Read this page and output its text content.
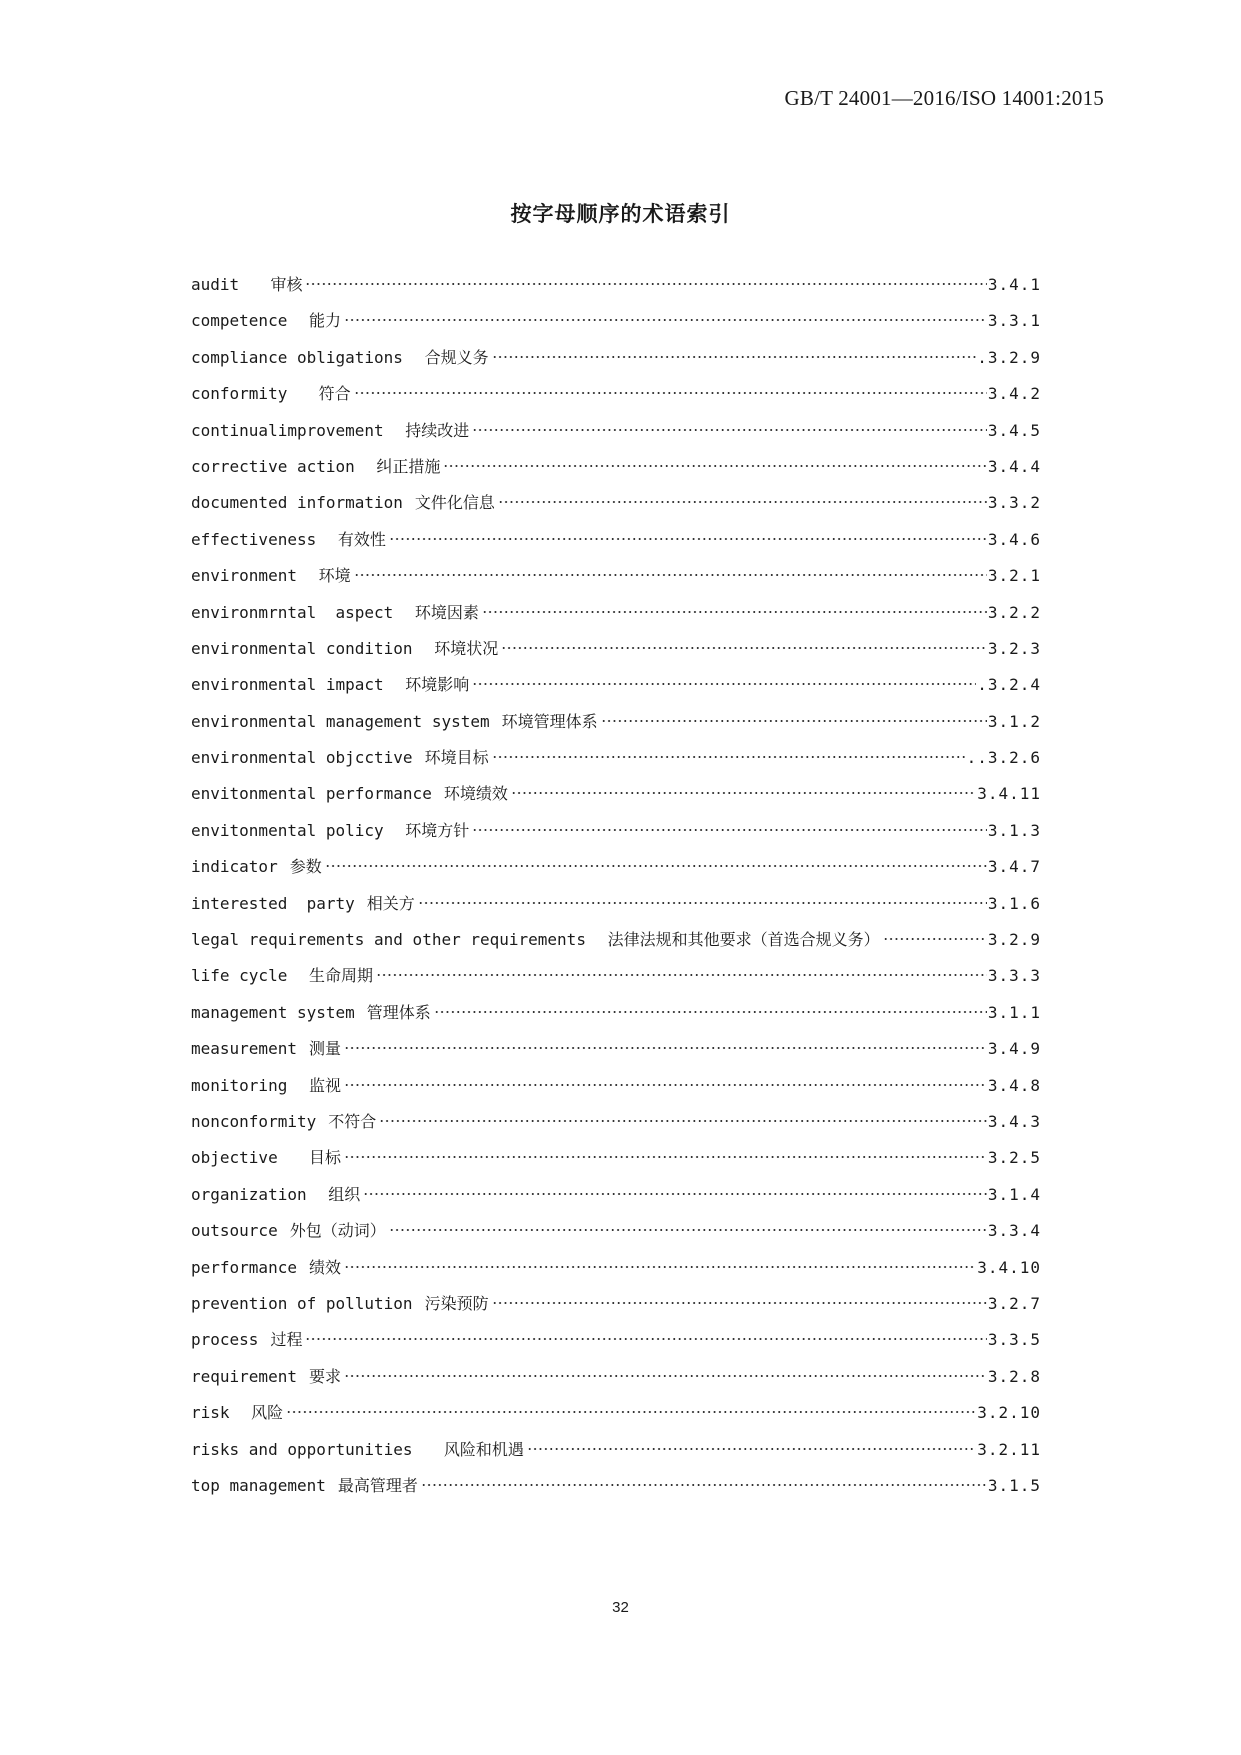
GB/T 24001—2016/ISO 14001:2015
按字母顺序的术语索引
audit 审核	3.4.1
competence 能力	3.3.1
compliance obligations 合规义务	.3.2.9
conformity 符合	3.4.2
continualimprovement 持续改进	3.4.5
corrective action 纠正措施	3.4.4
documented information 文件化信息	3.3.2
effectiveness 有效性	3.4.6
environment 环境	3.2.1
environmrntal  aspect 环境因素	3.2.2
environmental condition 环境状况	3.2.3
environmental impact 环境影响	.3.2.4
environmental management system 环境管理体系	3.1.2
environmental objcctive 环境目标	..3.2.6
envitonmental performance 环境绩效	3.4.11
envitonmental policy 环境方针	3.1.3
indicator 参数	3.4.7
interested  party 相关方	3.1.6
legal requirements and other requirements 法律法规和其他要求（首选合规义务）	3.2.9
life cycle 生命周期	3.3.3
management system 管理体系	3.1.1
measurement 测量	3.4.9
monitoring 监视	3.4.8
nonconformity 不符合	3.4.3
objective 目标	3.2.5
organization 组织	3.1.4
outsource 外包（动词）	3.3.4
performance 绩效	3.4.10
prevention of pollution 污染预防	3.2.7
process 过程	3.3.5
requirement 要求	3.2.8
risk 风险	3.2.10
risks and opportunities 风险和机遇	3.2.11
top management 最高管理者	3.1.5
32
